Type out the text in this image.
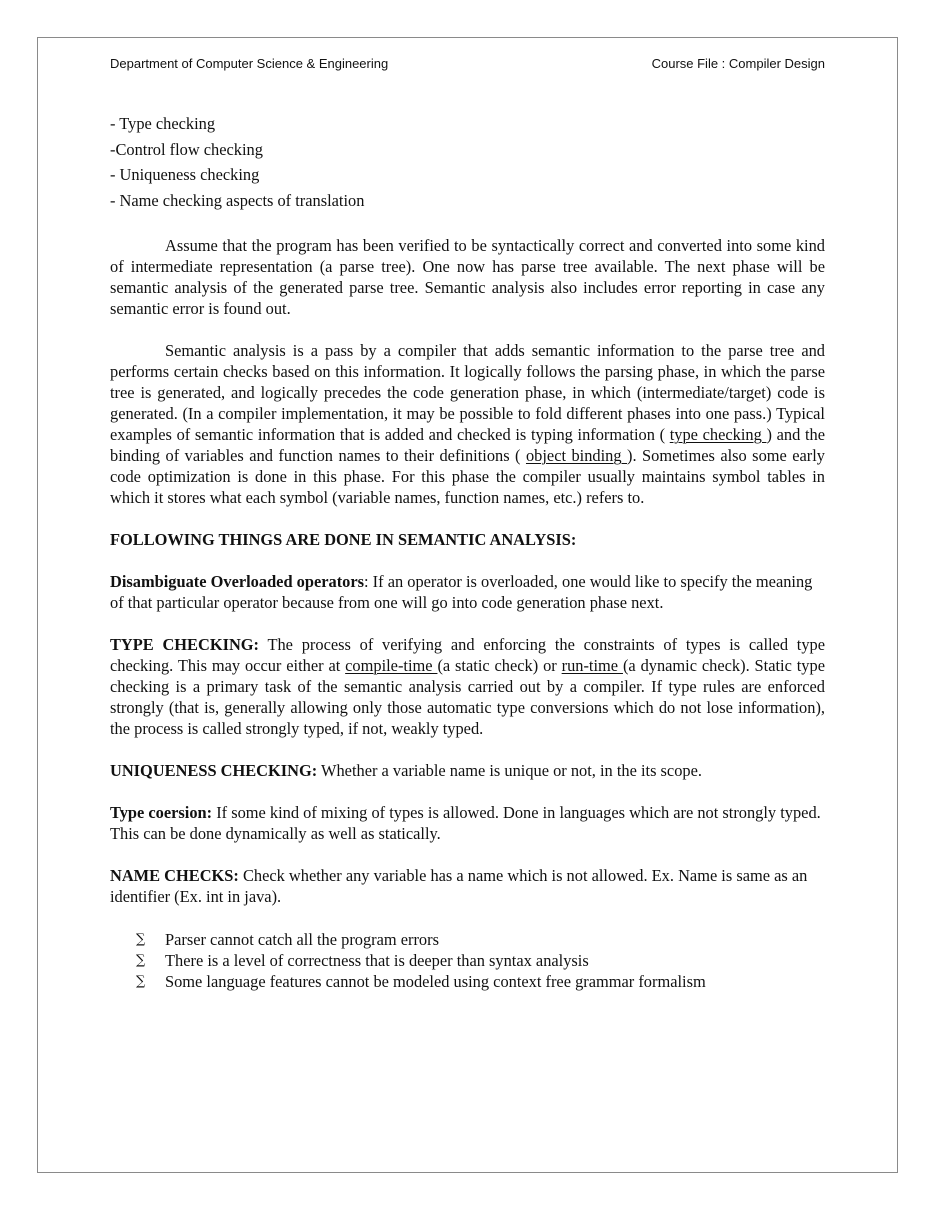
Department of Computer Science & Engineering	Course File : Compiler Design

- Type checking

-Control flow checking

- Uniqueness checking

- Name checking aspects of translation

Assume that the program has been verified to be syntactically correct and converted into some kind of intermediate representation (a parse tree). One now has parse tree available. The next phase will be semantic analysis of the generated parse tree. Semantic analysis also includes error reporting in case any semantic error is found out.

Semantic analysis is a pass by a compiler that adds semantic information to the parse tree and performs certain checks based on this information. It logically follows the parsing phase, in which the parse tree is generated, and logically precedes the code generation phase, in which (intermediate/target) code is generated. (In a compiler implementation, it may be possible to fold different phases into one pass.) Typical examples of semantic information that is added and checked is typing information ( type checking ) and the binding of variables and function names to their definitions ( object binding ). Sometimes also some early code optimization is done in this phase. For this phase the compiler usually maintains symbol tables in which it stores what each symbol (variable names, function names, etc.) refers to.

FOLLOWING THINGS ARE DONE IN SEMANTIC ANALYSIS:

Disambiguate Overloaded operators: If an operator is overloaded, one would like to specify the meaning of that particular operator because from one will go into code generation phase next.

TYPE CHECKING: The process of verifying and enforcing the constraints of types is called type checking. This may occur either at compile-time (a static check) or run-time (a dynamic check). Static type checking is a primary task of the semantic analysis carried out by a compiler. If type rules are enforced strongly (that is, generally allowing only those automatic type conversions which do not lose information), the process is called strongly typed, if not, weakly typed.

UNIQUENESS CHECKING: Whether a variable name is unique or not, in the its scope.

Type coersion: If some kind of mixing of types is allowed. Done in languages which are not strongly typed. This can be done dynamically as well as statically.

NAME CHECKS: Check whether any variable has a name which is not allowed. Ex. Name is same as an identifier (Ex. int in java).

∑ Parser cannot catch all the program errors
∑ There is a level of correctness that is deeper than syntax analysis
∑ Some language features cannot be modeled using context free grammar formalism
